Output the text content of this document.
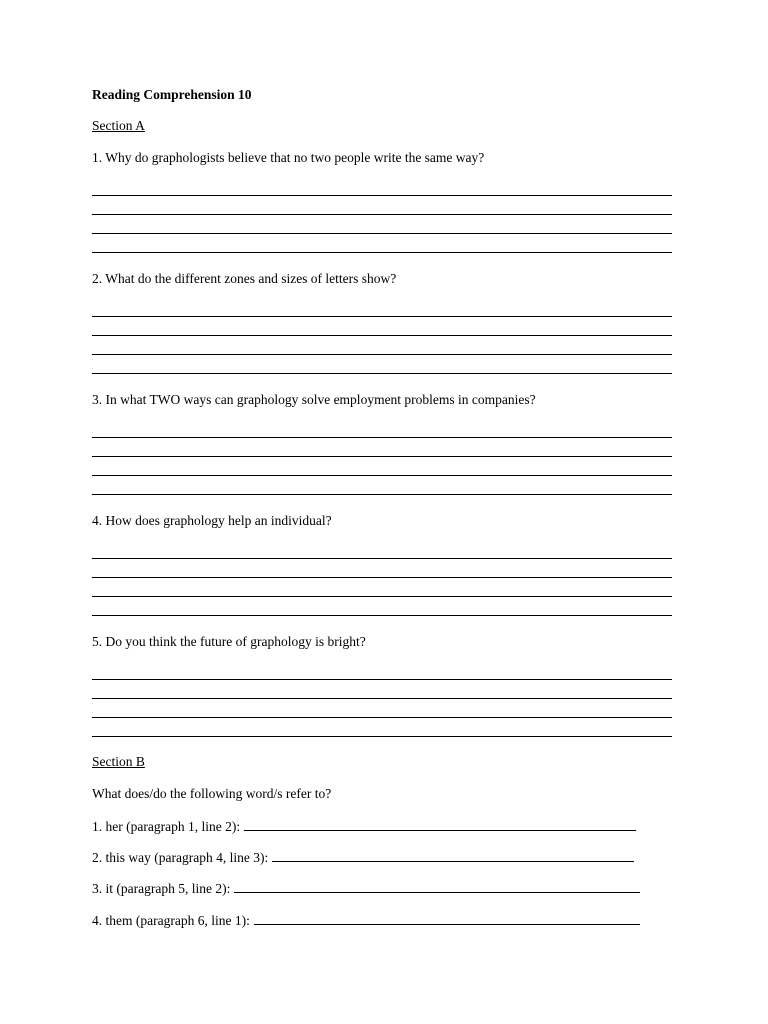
Reading Comprehension 10
Section A
1. Why do graphologists believe that no two people write the same way?
2. What do the different zones and sizes of letters show?
3. In what TWO ways can graphology solve employment problems in companies?
4. How does graphology help an individual?
5. Do you think the future of graphology is bright?
Section B
What does/do the following word/s refer to?
1. her (paragraph 1, line 2):
2. this way (paragraph 4, line 3):
3. it (paragraph 5, line 2):
4. them (paragraph 6, line 1):
